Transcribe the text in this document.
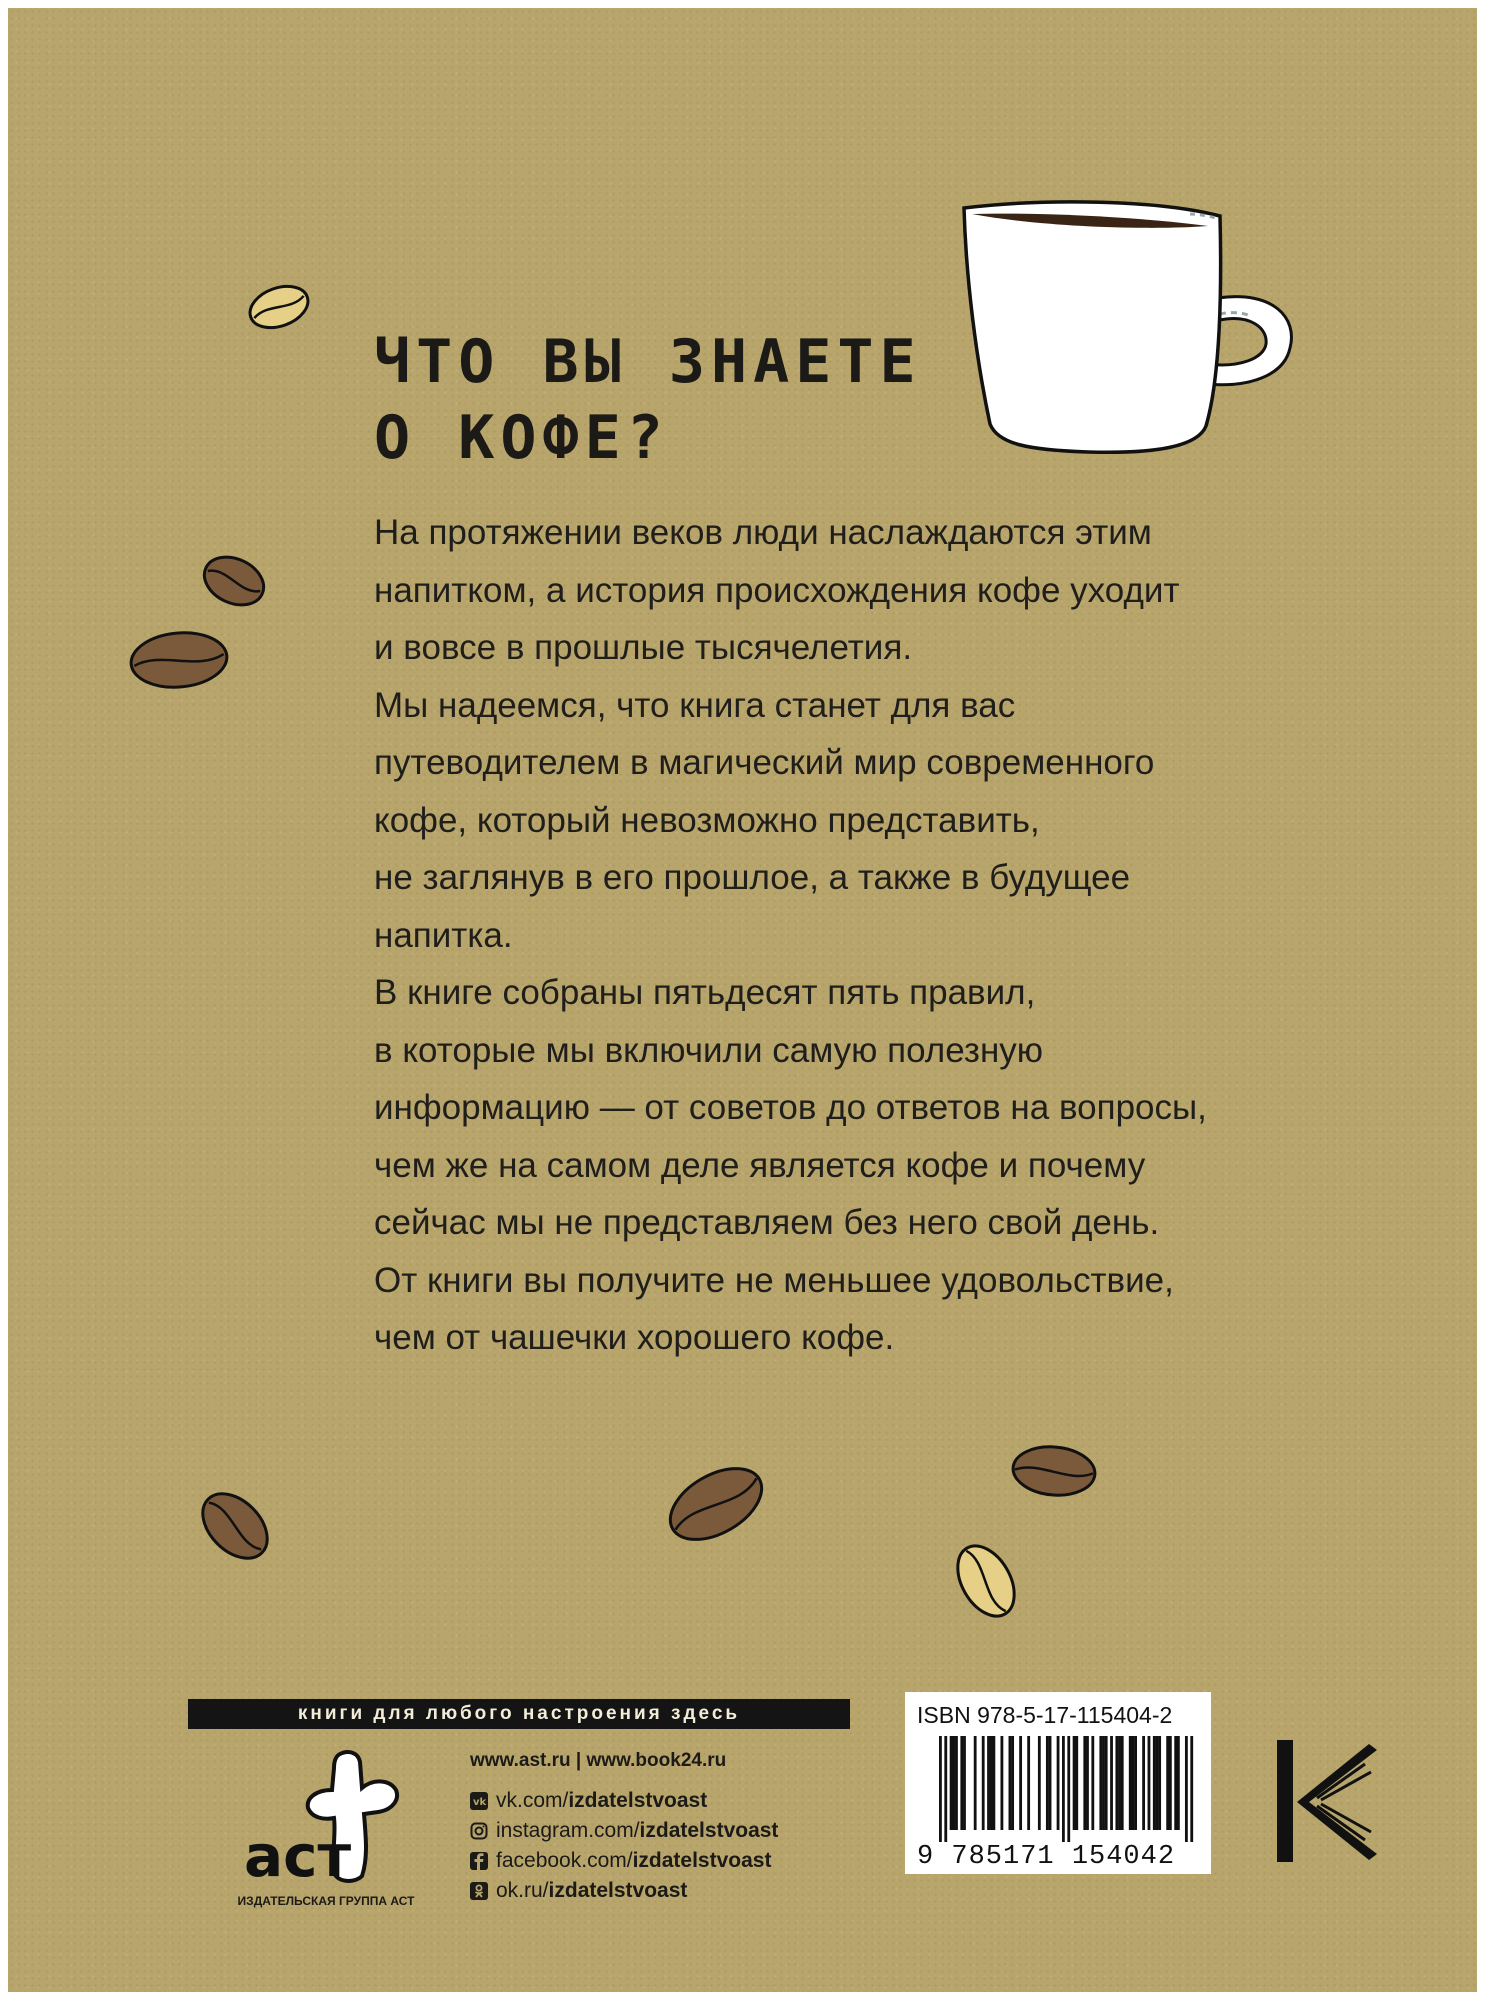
ЧТО ВЫ ЗНАЕТЕ
О КОФЕ?
На протяжении веков люди наслаждаются этим
напитком, а история происхождения кофе уходит
и вовсе в прошлые тысячелетия.
Мы надеемся, что книга станет для вас
путеводителем в магический мир современного
кофе, который невозможно представить,
не заглянув в его прошлое, а также в будущее
напитка.
В книге собраны пятьдесят пять правил,
в которые мы включили самую полезную
информацию — от советов до ответов на вопросы,
чем же на самом деле является кофе и почему
сейчас мы не представляем без него свой день.
От книги вы получите не меньшее удовольствие,
чем от чашечки хорошего кофе.
книги для любого настроения здесь
аст
ИЗДАТЕЛЬСКАЯ ГРУППА АСТ
www.ast.ru | www.book24.ru
vk vk.com/ izdatelstvoast
instagram.com/ izdatelstvoast
facebook.com/ izdatelstvoast
ok.ru/ izdatelstvoast
ISBN 978-5-17-115404-2
9 785171 154042
